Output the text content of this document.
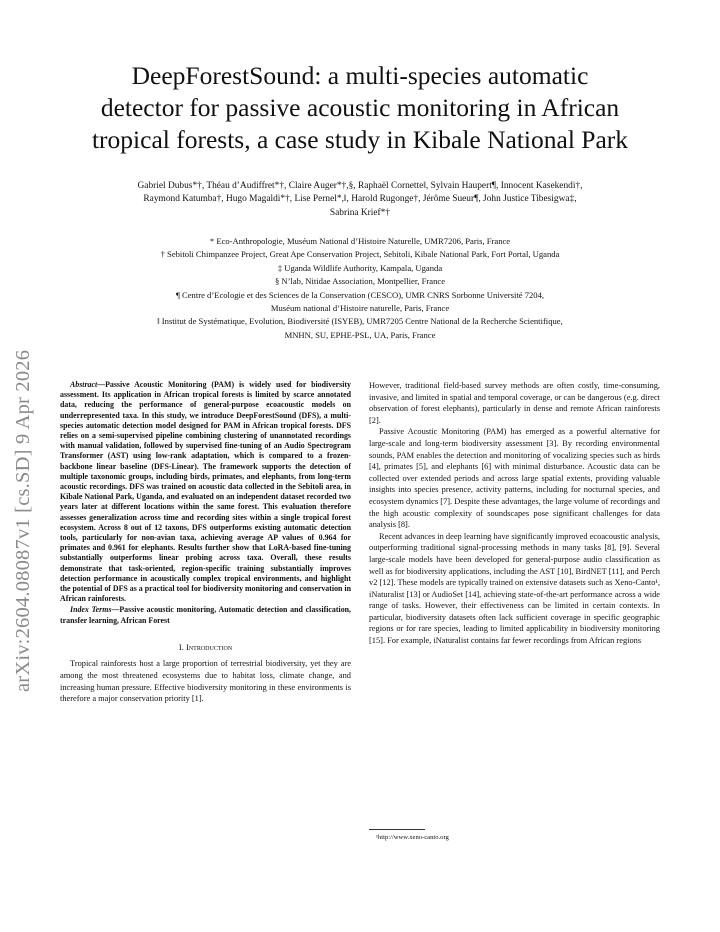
arXiv:2604.08087v1 [cs.SD] 9 Apr 2026
DeepForestSound: a multi-species automatic
detector for passive acoustic monitoring in African
tropical forests, a case study in Kibale National Park
Gabriel Dubus*†, Théau d’Audiffret*†, Claire Auger*†,§, Raphaël Cornette‖, Sylvain Haupert¶, Innocent Kasekendi†,
Raymond Katumba†, Hugo Magaldi*†, Lise Pernel*,‖, Harold Rugonge†, Jérôme Sueur¶, John Justice Tibesigwa‡,
Sabrina Krief*†
* Eco-Anthropologie, Muséum National d’Histoire Naturelle, UMR7206, Paris, France
† Sebitoli Chimpanzee Project, Great Ape Conservation Project, Sebitoli, Kibale National Park, Fort Portal, Uganda
‡ Uganda Wildlife Authority, Kampala, Uganda
§ N’lab, Nitidae Association, Montpellier, France
¶ Centre d’Ecologie et des Sciences de la Conservation (CESCO), UMR CNRS Sorbonne Université 7204,
Muséum national d’Histoire naturelle, Paris, France
‖ Institut de Systématique, Evolution, Biodiversité (ISYEB), UMR7205 Centre National de la Recherche Scientifique,
MNHN, SU, EPHE-PSL, UA, Paris, France

Abstract—Passive Acoustic Monitoring (PAM) is widely used for biodiversity assessment. Its application in African tropical forests is limited by scarce annotated data, reducing the performance of general-purpose ecoacoustic models on underrepresented taxa. In this study, we introduce DeepForestSound (DFS), a multi-species automatic detection model designed for PAM in African tropical forests. DFS relies on a semi-supervised pipeline combining clustering of unannotated recordings with manual validation, followed by supervised fine-tuning of an Audio Spectrogram Transformer (AST) using low-rank adaptation, which is compared to a frozen-backbone linear baseline (DFS-Linear). The framework supports the detection of multiple taxonomic groups, including birds, primates, and elephants, from long-term acoustic recordings. DFS was trained on acoustic data collected in the Sebitoli area, in Kibale National Park, Uganda, and evaluated on an independent dataset recorded two years later at different locations within the same forest. This evaluation therefore assesses generalization across time and recording sites within a single tropical forest ecosystem. Across 8 out of 12 taxons, DFS outperforms existing automatic detection tools, particularly for non-avian taxa, achieving average AP values of 0.964 for primates and 0.961 for elephants. Results further show that LoRA-based fine-tuning substantially outperforms linear probing across taxa. Overall, these results demonstrate that task-oriented, region-specific training substantially improves detection performance in acoustically complex tropical environments, and highlight the potential of DFS as a practical tool for biodiversity monitoring and conservation in African rainforests.

Index Terms—Passive acoustic monitoring, Automatic detection and classification, transfer learning, African Forest

I. Introduction

Tropical rainforests host a large proportion of terrestrial biodiversity, yet they are among the most threatened ecosystems due to habitat loss, climate change, and increasing human pressure. Effective biodiversity monitoring in these environments is therefore a major conservation priority [1].

However, traditional field-based survey methods are often costly, time-consuming, invasive, and limited in spatial and temporal coverage, or can be dangerous (e.g. direct observation of forest elephants), particularly in dense and remote African rainforests [2].

Passive Acoustic Monitoring (PAM) has emerged as a powerful alternative for large-scale and long-term biodiversity assessment [3]. By recording environmental sounds, PAM enables the detection and monitoring of vocalizing species such as birds [4], primates [5], and elephants [6] with minimal disturbance. Acoustic data can be collected over extended periods and across large spatial extents, providing valuable insights into species presence, activity patterns, including for nocturnal species, and ecosystem dynamics [7]. Despite these advantages, the large volume of recordings and the high acoustic complexity of soundscapes pose significant challenges for data analysis [8].

Recent advances in deep learning have significantly improved ecoacoustic analysis, outperforming traditional signal-processing methods in many tasks [8], [9]. Several large-scale models have been developed for general-purpose audio classification as well as for biodiversity applications, including the AST [10], BirdNET [11], and Perch v2 [12]. These models are typically trained on extensive datasets such as Xeno-Canto¹, iNaturalist [13] or AudioSet [14], achieving state-of-the-art performance across a wide range of tasks. However, their effectiveness can be limited in certain contexts. In particular, biodiversity datasets often lack sufficient coverage in specific geographic regions or for rare species, leading to limited applicability in biodiversity monitoring [15]. For example, iNaturalist contains far fewer recordings from African regions

¹http://www.xeno-canto.org
